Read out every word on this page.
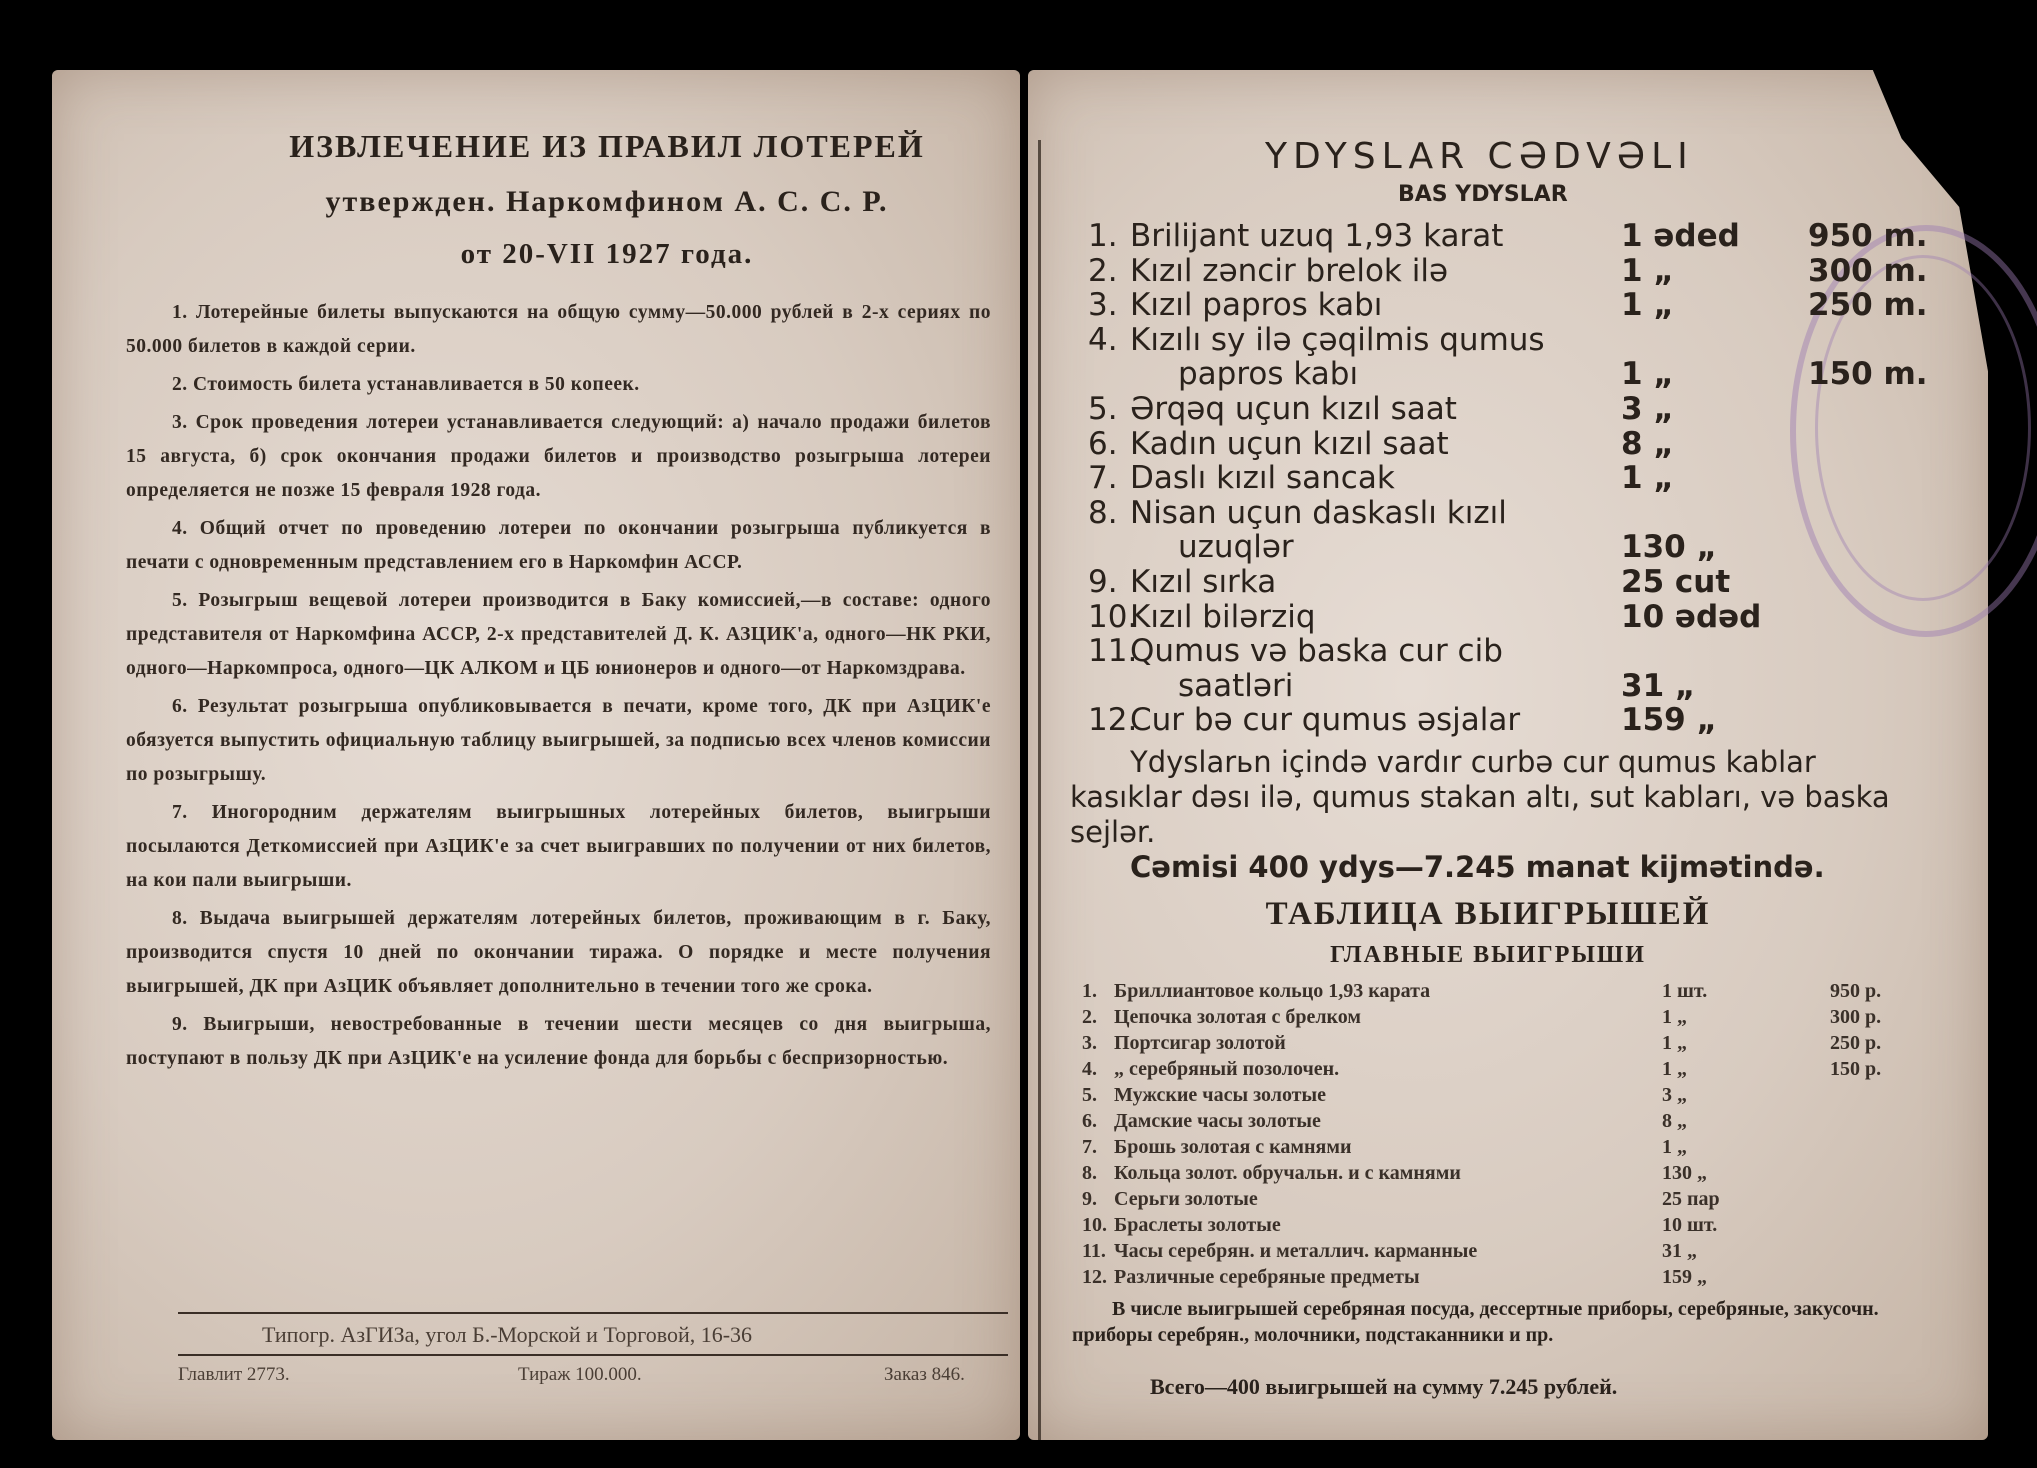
ИЗВЛЕЧЕНИЕ ИЗ ПРАВИЛ ЛОТЕРЕЙ
утвержден. Наркомфином А. С. С. Р.
от 20-VII 1927 года.

1. Лотерейные билеты выпускаются на общую сумму—50.000 рублей в 2-х сериях по 50.000 билетов в каждой серии.

2. Стоимость билета устанавливается в 50 копеек.

3. Срок проведения лотереи устанавливается следующий: а) начало продажи билетов 15 августа, б) срок окончания продажи билетов и производство розыгрыша лотереи определяется не позже 15 февраля 1928 года.

4. Общий отчет по проведению лотереи по окончании розыгрыша публикуется в печати с одновременным представлением его в Наркомфин АССР.

5. Розыгрыш вещевой лотереи производится в Баку комиссией,—в составе: одного представителя от Наркомфина АССР, 2-х представителей Д. К. АЗЦИК'а, одного—НК РКИ, одного—Наркомпроса, одного—ЦК АЛКОМ и ЦБ юнионеров и одного—от Наркомздрава.

6. Результат розыгрыша опубликовывается в печати, кроме того, ДК при АзЦИК'е обязуется выпустить официальную таблицу выигрышей, за подписью всех членов комиссии по розыгрышу.

7. Иногородним держателям выигрышных лотерейных билетов, выигрыши посылаются Деткомиссией при АзЦИК'е за счет выигравших по получении от них билетов, на кои пали выигрыши.

8. Выдача выигрышей держателям лотерейных билетов, проживающим в г. Баку, производится спустя 10 дней по окончании тиража. О порядке и месте получения выигрышей, ДК при АзЦИК объявляет дополнительно в течении того же срока.

9. Выигрыши, невостребованные в течении шести месяцев со дня выигрыша, поступают в пользу ДК при АзЦИК'е на усиление фонда для борьбы с беспризорностью.

Типогр. АзГИЗа, угол Б.-Морской и Торговой, 16-36
Главлит 2773.	Тираж 100.000.	Заказ 846.
YDYSLAR CƏDVƏLI
BAS YDYSLAR
1. Brilijant uzuq 1,93 karat	1 əded 950 m.
2. Kızıl zəncir brelok ilə	1 „	300 m.
3. Kızıl papros kabı	1 „	250 m.
4. Kızılı sy ilə çəqilmis qumus
papros kabı	1 „	150 m.
5. Ərqəq uçun kızıl saat	3 „
6. Kadın uçun kızıl saat	8 „
7. Daslı kızıl sancak	1 „
8. Nisan uçun daskaslı kızıl
uzuqlər	130 „
9. Kızıl sırka	25 cut
10.
Kızıl bilərziq	10 ədəd
11.
Qumus və baska cur cib
saatləri	31 „
12.
Cur bə cur qumus əsjalar	159 „
Ydyslarьn içində vardır curbə cur qumus kablar kasıklar dəsı ilə, qumus stakan altı, sut kabları, və baska sejlər.
Cəmisi 400 ydys—7.245 manat kijmətində.
ТАБЛИЦА ВЫИГРЫШЕЙ
ГЛАВНЫЕ ВЫИГРЫШИ
1. Бриллиантовое кольцо 1,93 карата	1 шт.	950 р.
2. Цепочка золотая с брелком	1 „	300 р.
3. Портсигар золотой	1 „	250 р.
4. „ серебряный позолочен.	1 „	150 р.
5. Мужские часы золотые	3 „
6. Дамские часы золотые	8 „
7. Брошь золотая с камнями	1 „
8. Кольца золот. обручальн. и с камнями	130 „
9. Серьги золотые	25 пар
10. Браслеты золотые	10 шт.
11. Часы серебрян. и металлич. карманные	31 „
12. Различные серебряные предметы	159 „
В числе выигрышей серебряная посуда, дессертные приборы, серебряные, закусочн. приборы серебрян., молочники, подстаканники и пр.
Всего—400 выигрышей на сумму 7.245 рублей.
